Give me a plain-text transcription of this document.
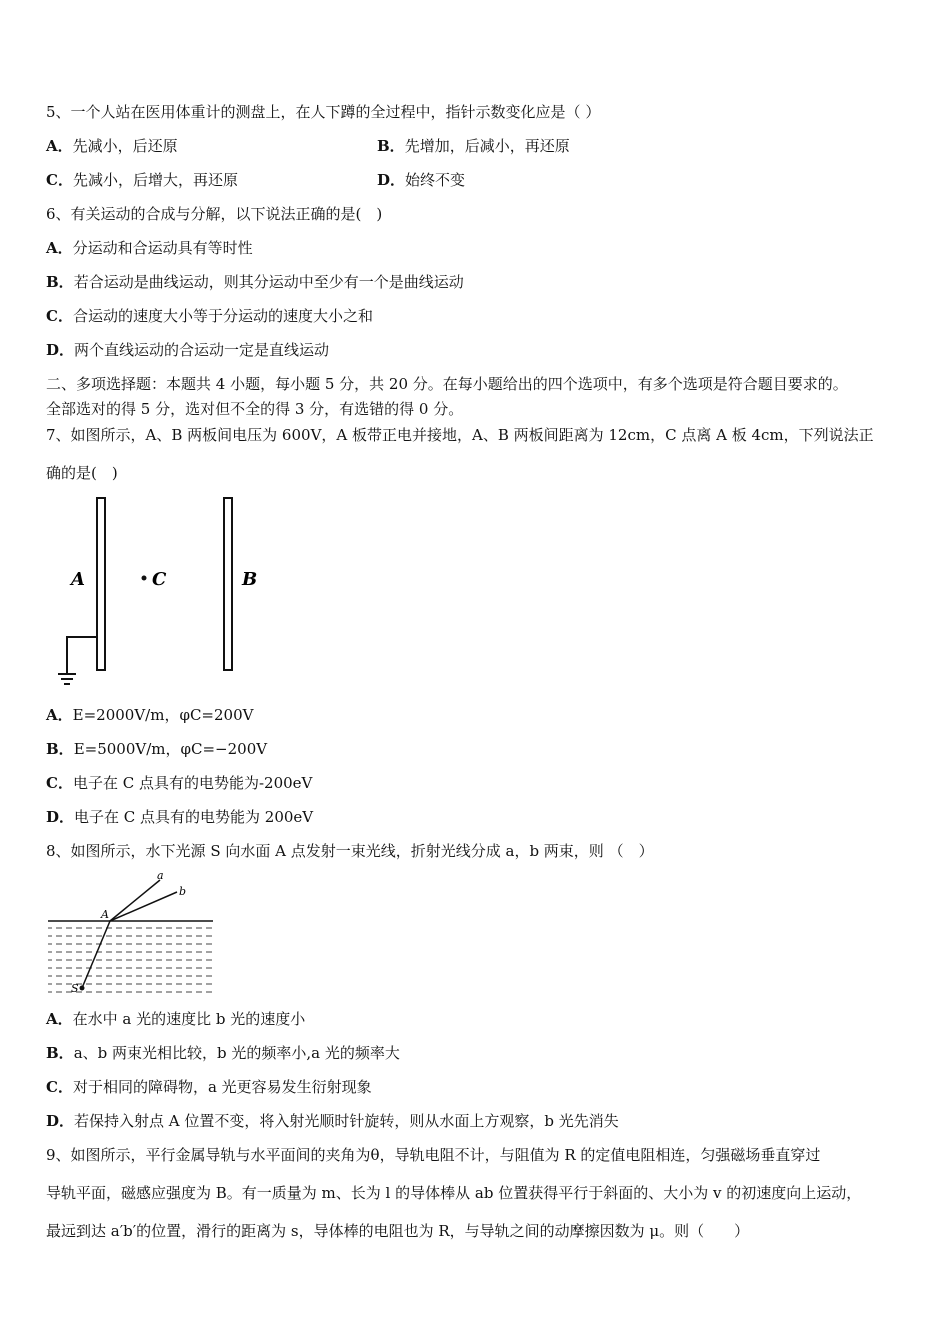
5、一个人站在医用体重计的测盘上，在人下蹲的全过程中，指针示数变化应是（ ）
A．先减小，后还原	B．先增加，后减小，再还原
C．先减小，后增大，再还原	D．始终不变
6、有关运动的合成与分解，以下说法正确的是(　)
A．分运动和合运动具有等时性
B．若合运动是曲线运动，则其分运动中至少有一个是曲线运动
C．合运动的速度大小等于分运动的速度大小之和
D．两个直线运动的合运动一定是直线运动
二、多项选择题：本题共 4 小题，每小题 5 分，共 20 分。在每小题给出的四个选项中，有多个选项是符合题目要求的。
全部选对的得 5 分，选对但不全的得 3 分，有选错的得 0 分。
7、如图所示，A、B 两板间电压为 600V，A 板带正电并接地，A、B 两板间距离为 12cm，C 点离 A 板 4cm，下列说法正
确的是(　)
A	B
C
A．E=2000V/m，φC=200V
B．E=5000V/m，φC=−200V
C．电子在 C 点具有的电势能为-200eV
D．电子在 C 点具有的电势能为 200eV
8、如图所示，水下光源 S 向水面 A 点发射一束光线，折射光线分成 a，b 两束，则 （　）
a
b
A
S
A．在水中 a 光的速度比 b 光的速度小
B．a、b 两束光相比较，b 光的频率小,a 光的频率大
C．对于相同的障碍物，a 光更容易发生衍射现象
D．若保持入射点 A 位置不变，将入射光顺时针旋转，则从水面上方观察，b 光先消失
9、如图所示，平行金属导轨与水平面间的夹角为θ，导轨电阻不计，与阻值为 R 的定值电阻相连，匀强磁场垂直穿过
导轨平面，磁感应强度为 B。有一质量为 m、长为 l 的导体棒从 ab 位置获得平行于斜面的、大小为 v 的初速度向上运动，
最远到达 a′b′的位置，滑行的距离为 s，导体棒的电阻也为 R，与导轨之间的动摩擦因数为 μ。则（　　）
